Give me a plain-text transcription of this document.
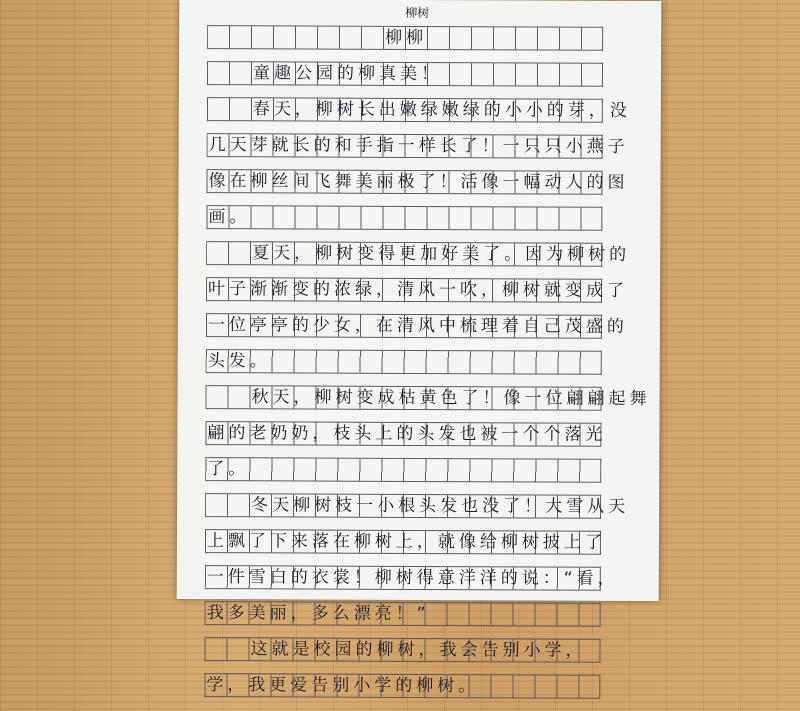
柳树
柳柳
童趣公园的柳真美！
春天，柳树长出嫩绿嫩绿的小小的芽，没
几天芽就长的和手指一样长了！一只只小燕子
像在柳丝间飞舞美丽极了！活像一幅动人的图
画。
夏天，柳树变得更加好美了。因为柳树的
叶子渐渐变的浓绿，清风一吹，柳树就变成了
一位亭亭的少女，在清风中梳理着自己茂盛的
头发。
秋天，柳树变成枯黄色了！像一位翩翩起舞
翩的老奶奶，枝头上的头发也被一个个落光
了。
冬天柳树枝一小根头发也没了！大雪从天
上飘了下来落在柳树上，就像给柳树披上了
一件雪白的衣裳！柳树得意洋洋的说：“看，
我多美丽，多么漂亮！”
这就是校园的柳树，我会告别小学，
学，我更爱告别小学的柳树。
